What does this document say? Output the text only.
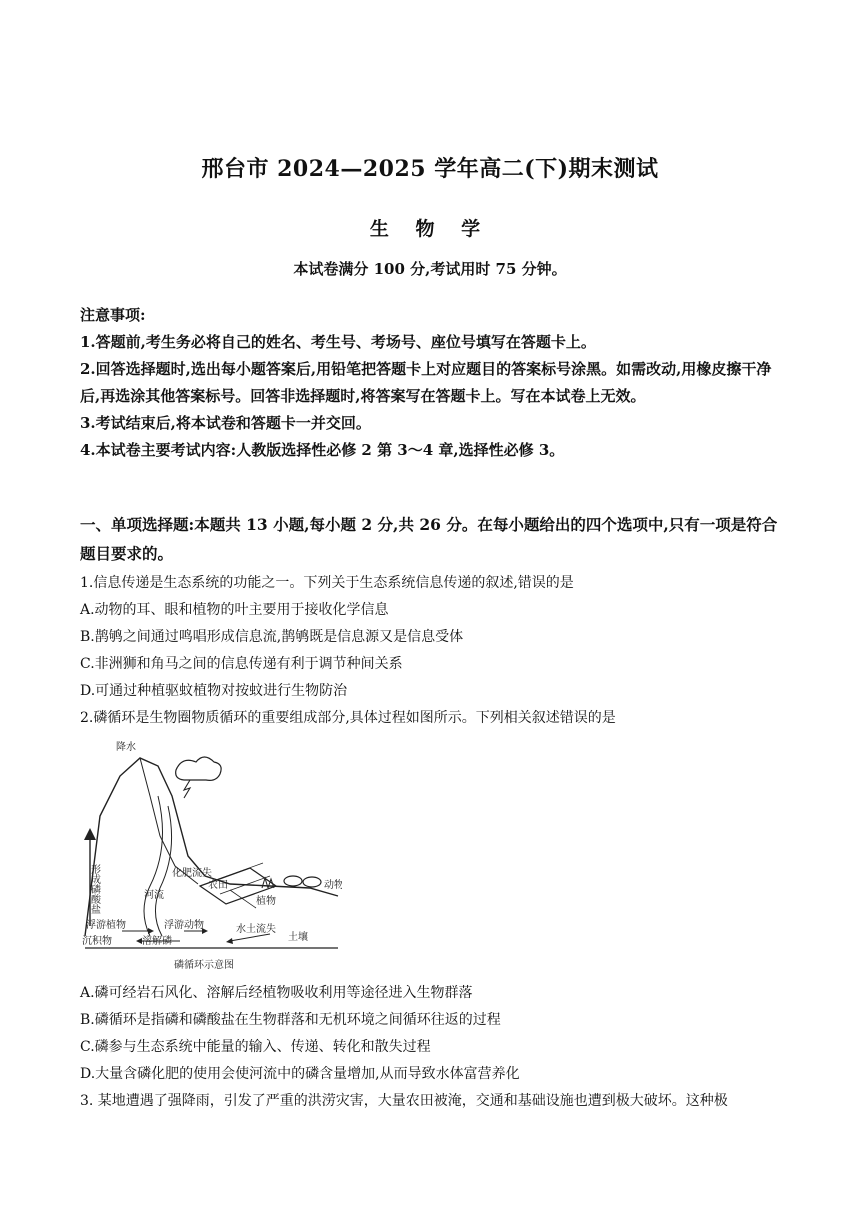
邢台市 2024—2025 学年高二(下)期末测试
生 物 学
本试卷满分 100 分,考试用时 75 分钟。

注意事项:

1.答题前,考生务必将自己的姓名、考生号、考场号、座位号填写在答题卡上。

2.回答选择题时,选出每小题答案后,用铅笔把答题卡上对应题目的答案标号涂黑。如需改动,用橡皮擦干净后,再选涂其他答案标号。回答非选择题时,将答案写在答题卡上。写在本试卷上无效。

3.考试结束后,将本试卷和答题卡一并交回。

4.本试卷主要考试内容:人教版选择性必修 2 第 3～4 章,选择性必修 3。

一、单项选择题:本题共 13 小题,每小题 2 分,共 26 分。在每小题给出的四个选项中,只有一项是符合题目要求的。

1.信息传递是生态系统的功能之一。下列关于生态系统信息传递的叙述,错误的是

A.动物的耳、眼和植物的叶主要用于接收化学信息

B.鹊鸲之间通过鸣唱形成信息流,鹊鸲既是信息源又是信息受体

C.非洲狮和角马之间的信息传递有利于调节种间关系

D.可通过种植驱蚊植物对按蚊进行生物防治

2.磷循环是生物圈物质循环的重要组成部分,具体过程如图所示。下列相关叙述错误的是

降水
形成磷酸盐	化肥流失
农田
河流
植物
动物
浮游植物	浮游动物	水土流失
土壤
沉积物	溶解磷
磷循环示意图

A.磷可经岩石风化、溶解后经植物吸收利用等途径进入生物群落

B.磷循环是指磷和磷酸盐在生物群落和无机环境之间循环往返的过程

C.磷参与生态系统中能量的输入、传递、转化和散失过程

D.大量含磷化肥的使用会使河流中的磷含量增加,从而导致水体富营养化

3. 某地遭遇了强降雨，引发了严重的洪涝灾害，大量农田被淹，交通和基础设施也遭到极大破坏。这种极
